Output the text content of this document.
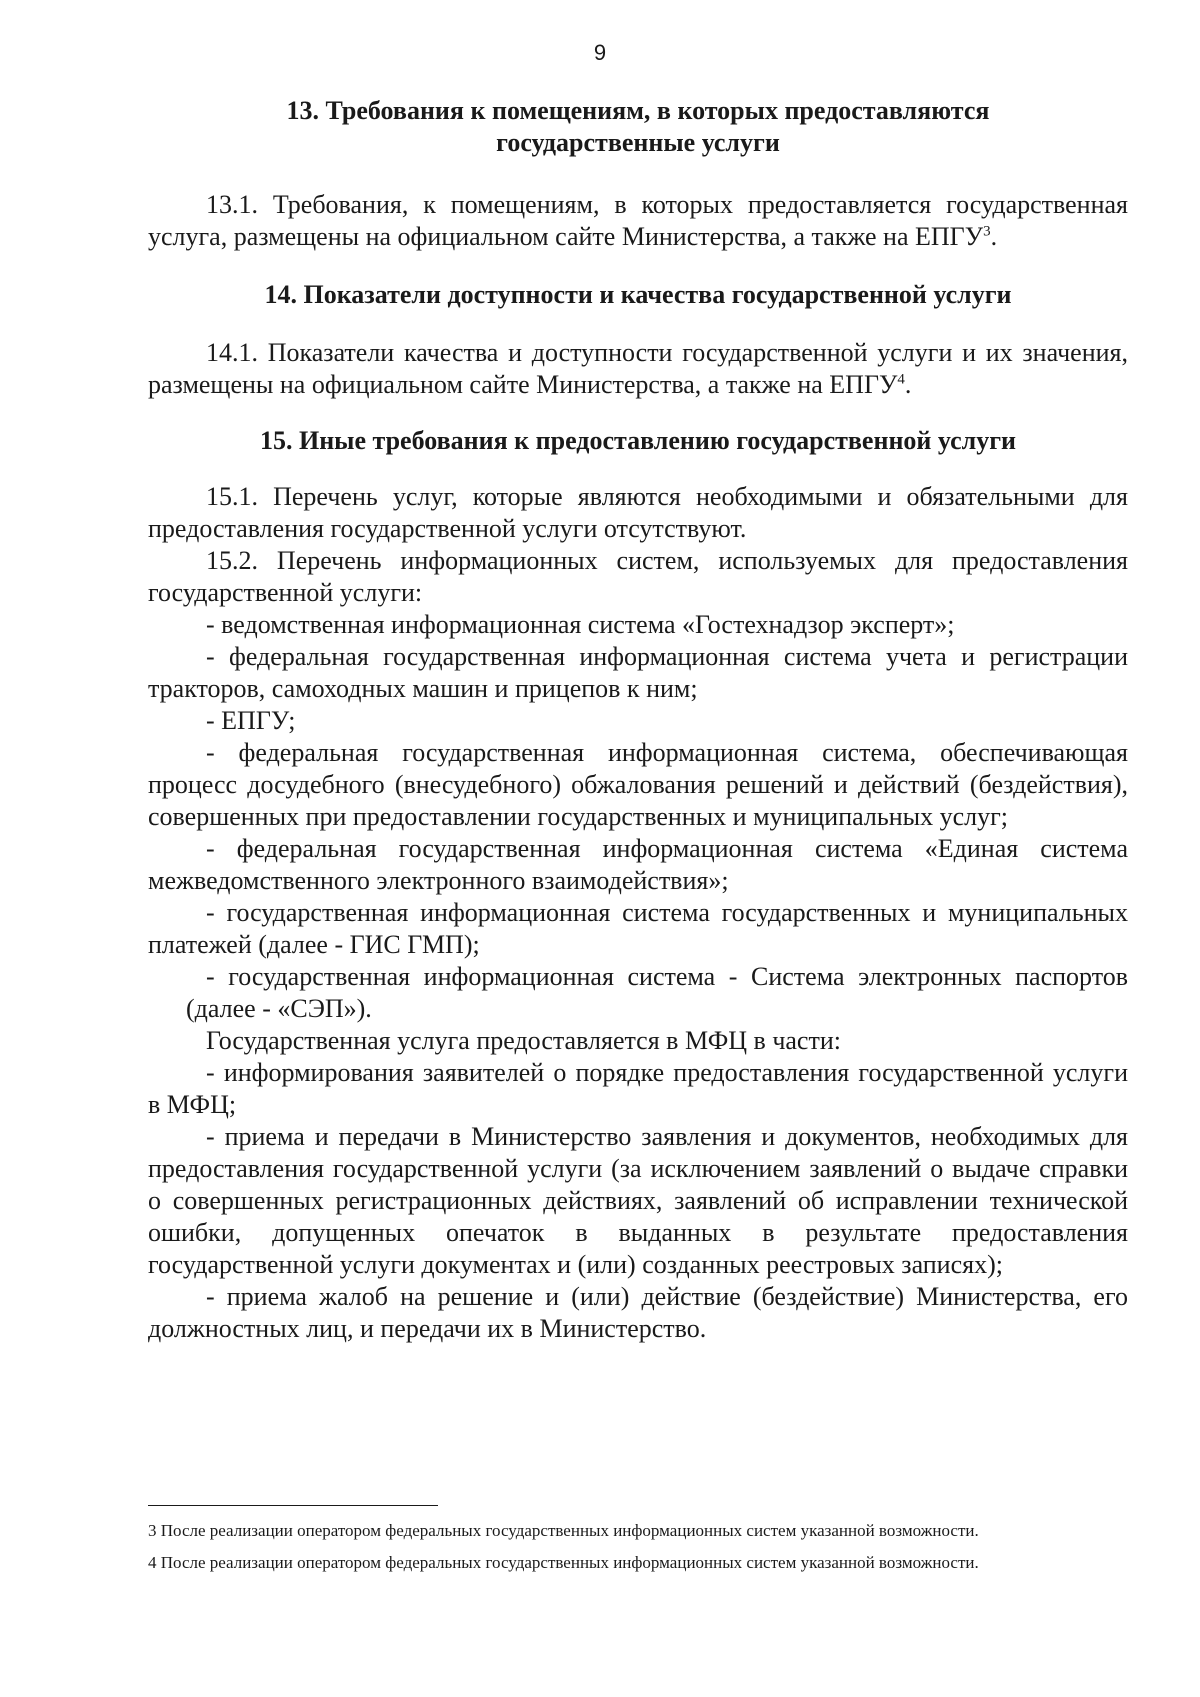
9
13. Требования к помещениям, в которых предоставляются
государственные услуги

13.1. Требования, к помещениям, в которых предоставляется государственная услуга, размещены на официальном сайте Министерства, а также на ЕПГУ$^3$.

14. Показатели доступности и качества государственной услуги

14.1. Показатели качества и доступности государственной услуги и их значения, размещены на официальном сайте Министерства, а также на ЕПГУ$^4$.

15. Иные требования к предоставлению государственной услуги

15.1. Перечень услуг, которые являются необходимыми и обязательными для предоставления государственной услуги отсутствуют.

15.2. Перечень информационных систем, используемых для предоставления государственной услуги:

- ведомственная информационная система «Гостехнадзор эксперт»;

- федеральная государственная информационная система учета и регистрации тракторов, самоходных машин и прицепов к ним;

- ЕПГУ;

- федеральная государственная информационная система, обеспечивающая процесс досудебного (внесудебного) обжалования решений и действий (бездействия), совершенных при предоставлении государственных и муниципальных услуг;

- федеральная государственная информационная система «Единая система межведомственного электронного взаимодействия»;

- государственная информационная система государственных и муниципальных платежей (далее - ГИС ГМП);

- государственная информационная система - Система электронных паспортов (далее - «СЭП»).

Государственная услуга предоставляется в МФЦ в части:

- информирования заявителей о порядке предоставления государственной услуги в МФЦ;

- приема и передачи в Министерство заявления и документов, необходимых для предоставления государственной услуги (за исключением заявлений о выдаче справки о совершенных регистрационных действиях, заявлений об исправлении технической ошибки, допущенных опечаток в выданных в результате предоставления государственной услуги документах и (или) созданных реестровых записях);

- приема жалоб на решение и (или) действие (бездействие) Министерства, его должностных лиц, и передачи их в Министерство.

3 После реализации оператором федеральных государственных информационных систем указанной возможности.

4 После реализации оператором федеральных государственных информационных систем указанной возможности.
